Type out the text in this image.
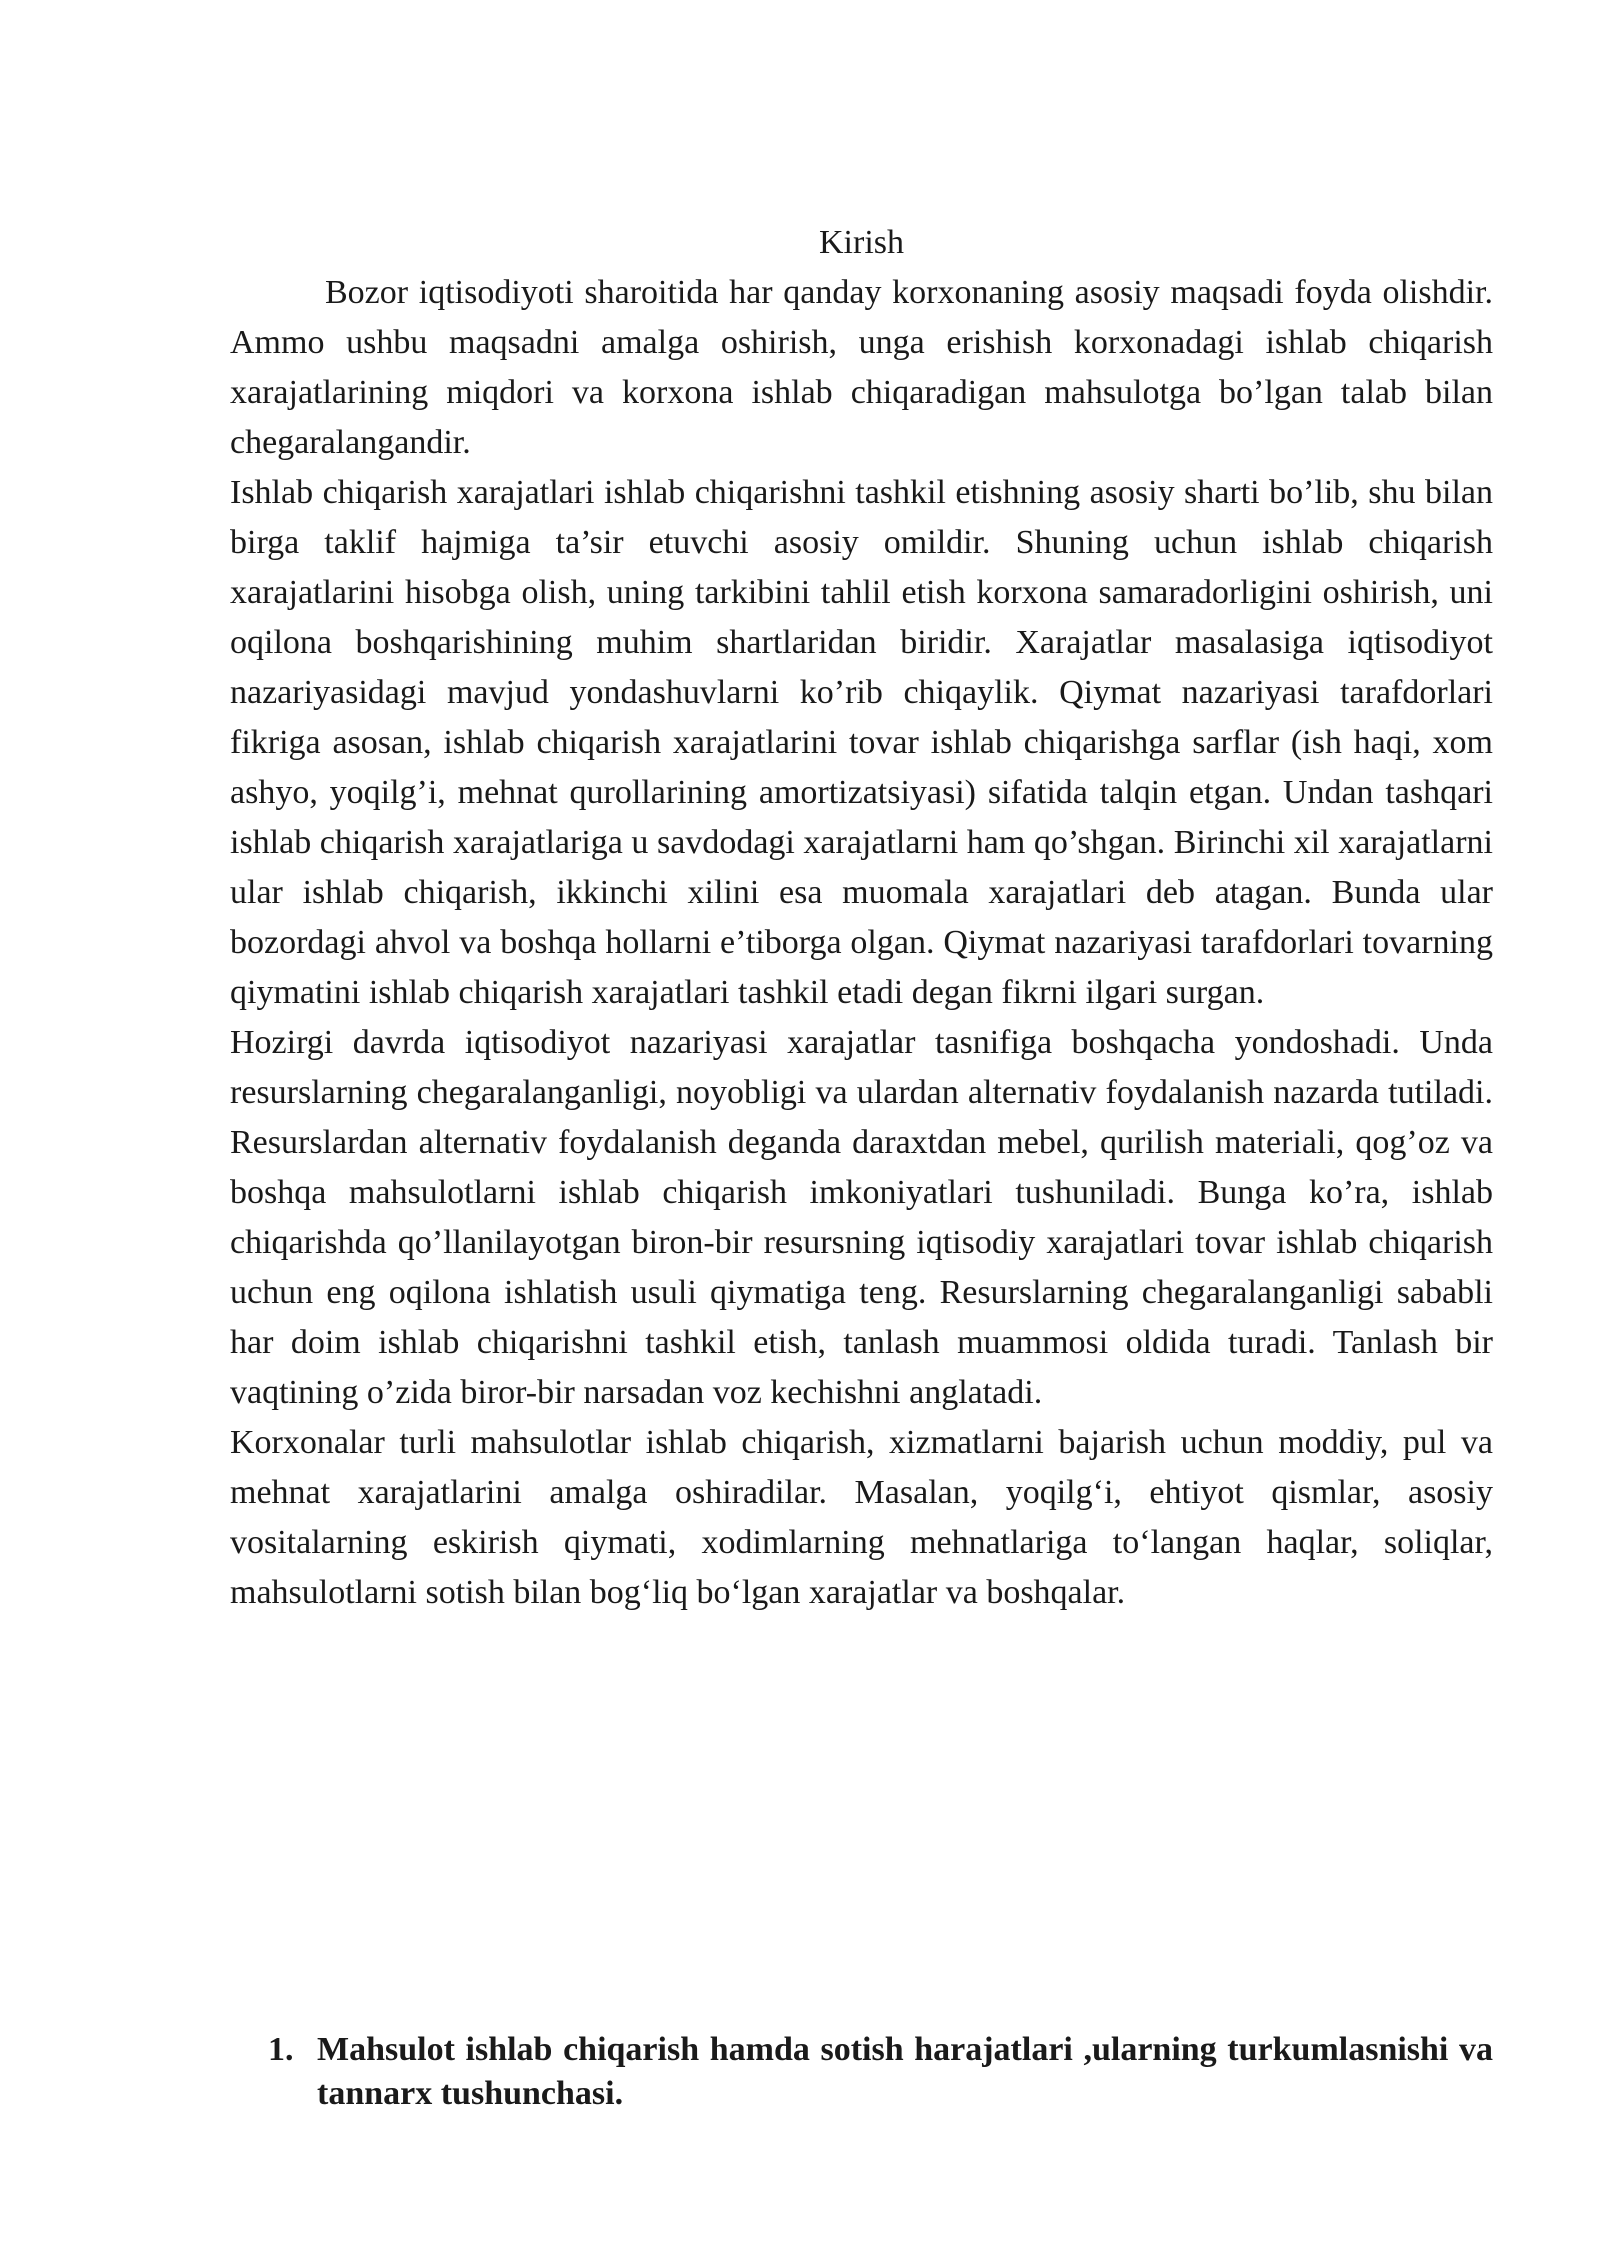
Kirish

Bozor iqtisodiyoti sharoitida har qanday korxonaning asosiy maqsadi foyda olishdir. Ammo ushbu maqsadni amalga oshirish, unga erishish korxonadagi ishlab chiqarish xarajatlarining miqdori va korxona ishlab chiqaradigan mahsulotga bo’lgan talab bilan chegaralangandir.

Ishlab chiqarish xarajatlari ishlab chiqarishni tashkil etishning asosiy sharti bo’lib, shu bilan birga taklif hajmiga ta’sir etuvchi asosiy omildir. Shuning uchun ishlab chiqarish xarajatlarini hisobga olish, uning tarkibini tahlil etish korxona samaradorligini oshirish, uni oqilona boshqarishining muhim shartlaridan biridir. Xarajatlar masalasiga iqtisodiyot nazariyasidagi mavjud yondashuvlarni ko’rib chiqaylik. Qiymat nazariyasi tarafdorlari fikriga asosan, ishlab chiqarish xarajatlarini tovar ishlab chiqarishga sarflar (ish haqi, xom ashyo, yoqilg’i, mehnat qurollarining amortizatsiyasi) sifatida talqin etgan. Undan tashqari ishlab chiqarish xarajatlariga u savdodagi xarajatlarni ham qo’shgan. Birinchi xil xarajatlarni ular ishlab chiqarish, ikkinchi xilini esa muomala xarajatlari deb atagan. Bunda ular bozordagi ahvol va boshqa hollarni e’tiborga olgan. Qiymat nazariyasi tarafdorlari tovarning qiymatini ishlab chiqarish xarajatlari tashkil etadi degan fikrni ilgari surgan.

Hozirgi davrda iqtisodiyot nazariyasi xarajatlar tasnifiga boshqacha yondoshadi. Unda resurslarning chegaralanganligi, noyobligi va ulardan alternativ foydalanish nazarda tutiladi. Resurslardan alternativ foydalanish deganda daraxtdan mebel, qurilish materiali, qog’oz va boshqa mahsulotlarni ishlab chiqarish imkoniyatlari tushuniladi. Bunga ko’ra, ishlab chiqarishda qo’llanilayotgan biron-bir resursning iqtisodiy xarajatlari tovar ishlab chiqarish uchun eng oqilona ishlatish usuli qiymatiga teng. Resurslarning chegaralanganligi sababli har doim ishlab chiqarishni tashkil etish, tanlash muammosi oldida turadi. Tanlash bir vaqtining o’zida biror-bir narsadan voz kechishni anglatadi.

Korxonalar turli mahsulotlar ishlab chiqarish, xizmatlarni bajarish uchun moddiy, pul va mehnat xarajatlarini amalga oshiradilar. Masalan, yoqilg‘i, ehtiyot qismlar, asosiy vositalarning eskirish qiymati, xodimlarning mehnatlariga to‘langan haqlar, soliqlar, mahsulotlarni sotish bilan bog‘liq bo‘lgan xarajatlar va boshqalar.

1. Mahsulot ishlab chiqarish hamda sotish harajatlari ,ularning turkumlasnishi va tannarx tushunchasi.
